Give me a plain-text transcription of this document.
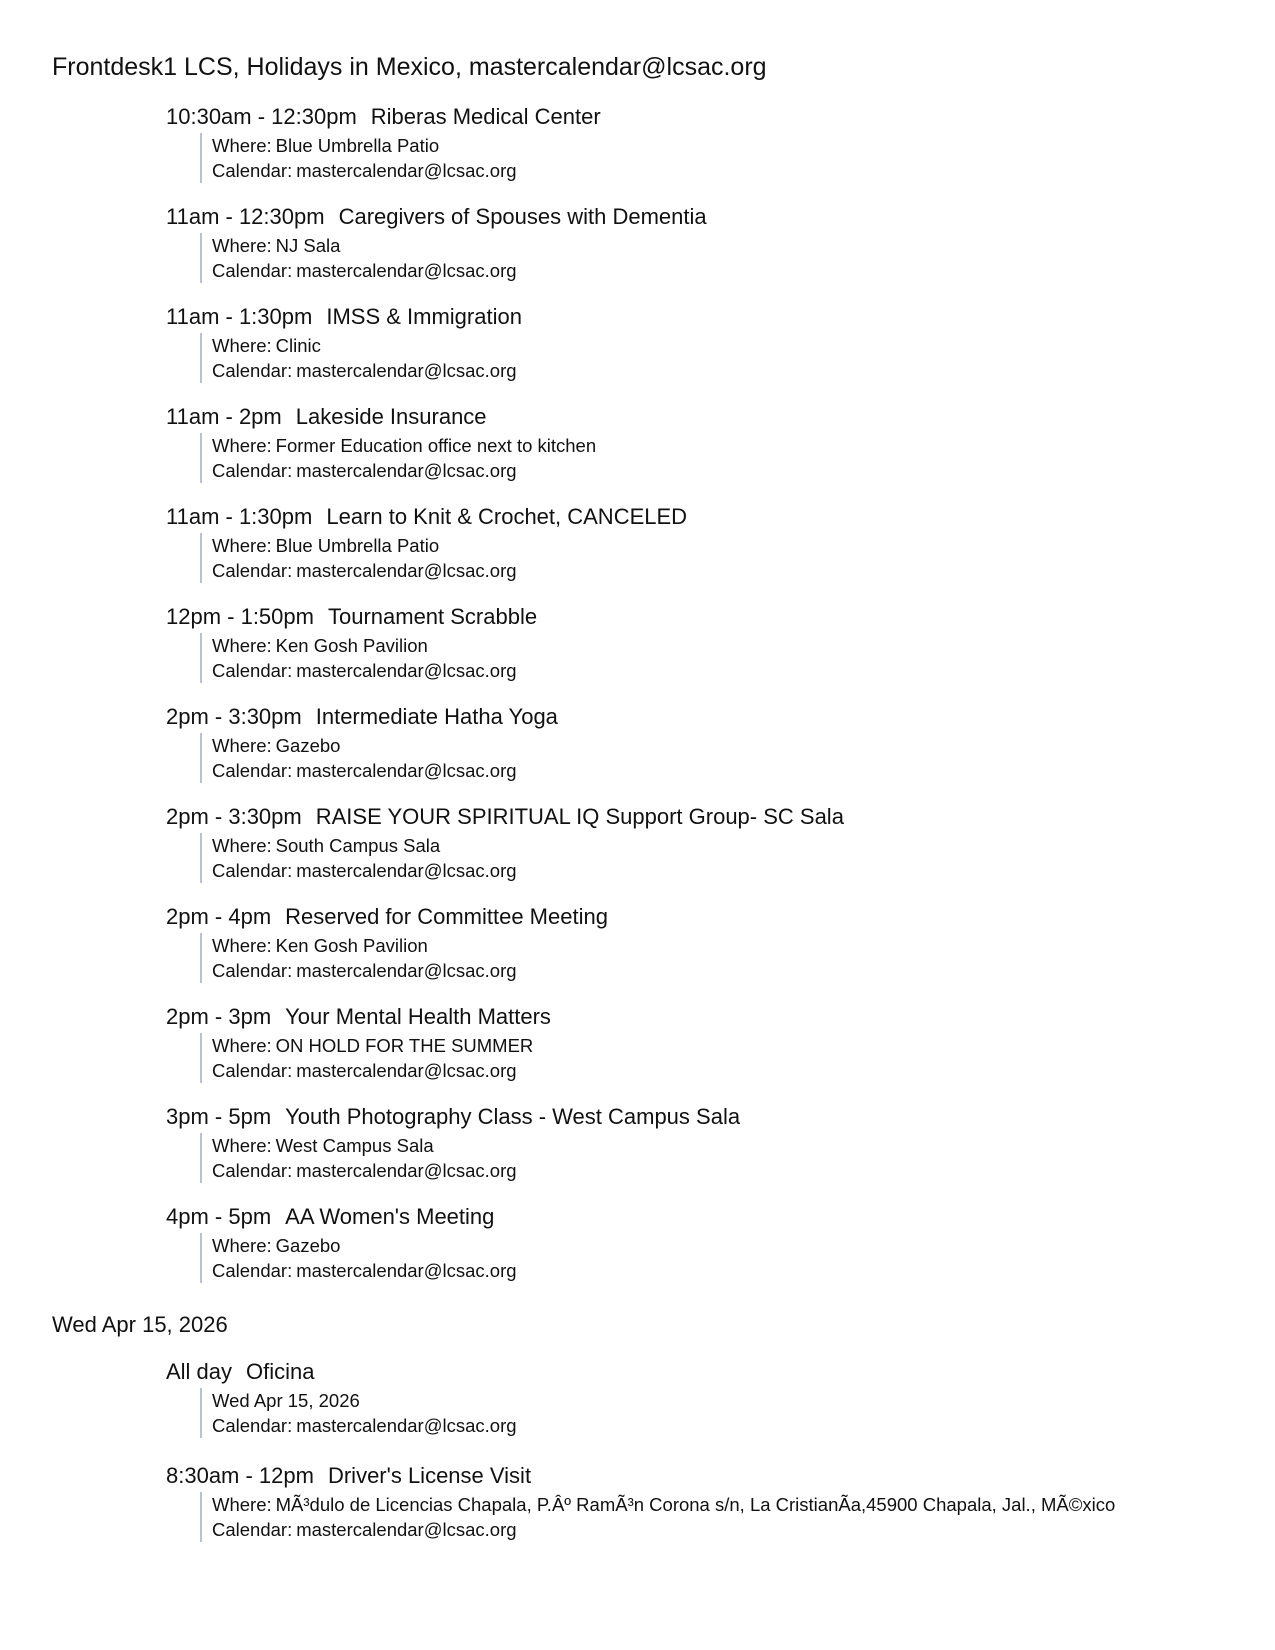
Frontdesk1 LCS, Holidays in Mexico, mastercalendar@lcsac.org
10:30am - 12:30pm Riberas Medical Center
Where: Blue Umbrella Patio
Calendar: mastercalendar@lcsac.org
11am - 12:30pm Caregivers of Spouses with Dementia
Where: NJ Sala
Calendar: mastercalendar@lcsac.org
11am - 1:30pm IMSS & Immigration
Where: Clinic
Calendar: mastercalendar@lcsac.org
11am - 2pm Lakeside Insurance
Where: Former Education office next to kitchen
Calendar: mastercalendar@lcsac.org
11am - 1:30pm Learn to Knit & Crochet, CANCELED
Where: Blue Umbrella Patio
Calendar: mastercalendar@lcsac.org
12pm - 1:50pm Tournament Scrabble
Where: Ken Gosh Pavilion
Calendar: mastercalendar@lcsac.org
2pm - 3:30pm Intermediate Hatha Yoga
Where: Gazebo
Calendar: mastercalendar@lcsac.org
2pm - 3:30pm RAISE YOUR SPIRITUAL IQ Support Group- SC Sala
Where: South Campus Sala
Calendar: mastercalendar@lcsac.org
2pm - 4pm Reserved for Committee Meeting
Where: Ken Gosh Pavilion
Calendar: mastercalendar@lcsac.org
2pm - 3pm Your Mental Health Matters
Where: ON HOLD FOR THE SUMMER
Calendar: mastercalendar@lcsac.org
3pm - 5pm Youth Photography Class - West Campus Sala
Where: West Campus Sala
Calendar: mastercalendar@lcsac.org
4pm - 5pm AA Women's Meeting
Where: Gazebo
Calendar: mastercalendar@lcsac.org
Wed Apr 15, 2026
All day Oficina
Wed Apr 15, 2026
Calendar: mastercalendar@lcsac.org
8:30am - 12pm Driver's License Visit
Where: MÃ³dulo de Licencias Chapala, P.Âº RamÃ³n Corona s/n, La CristianÃa,45900 Chapala, Jal., MÃ©xico
Calendar: mastercalendar@lcsac.org
